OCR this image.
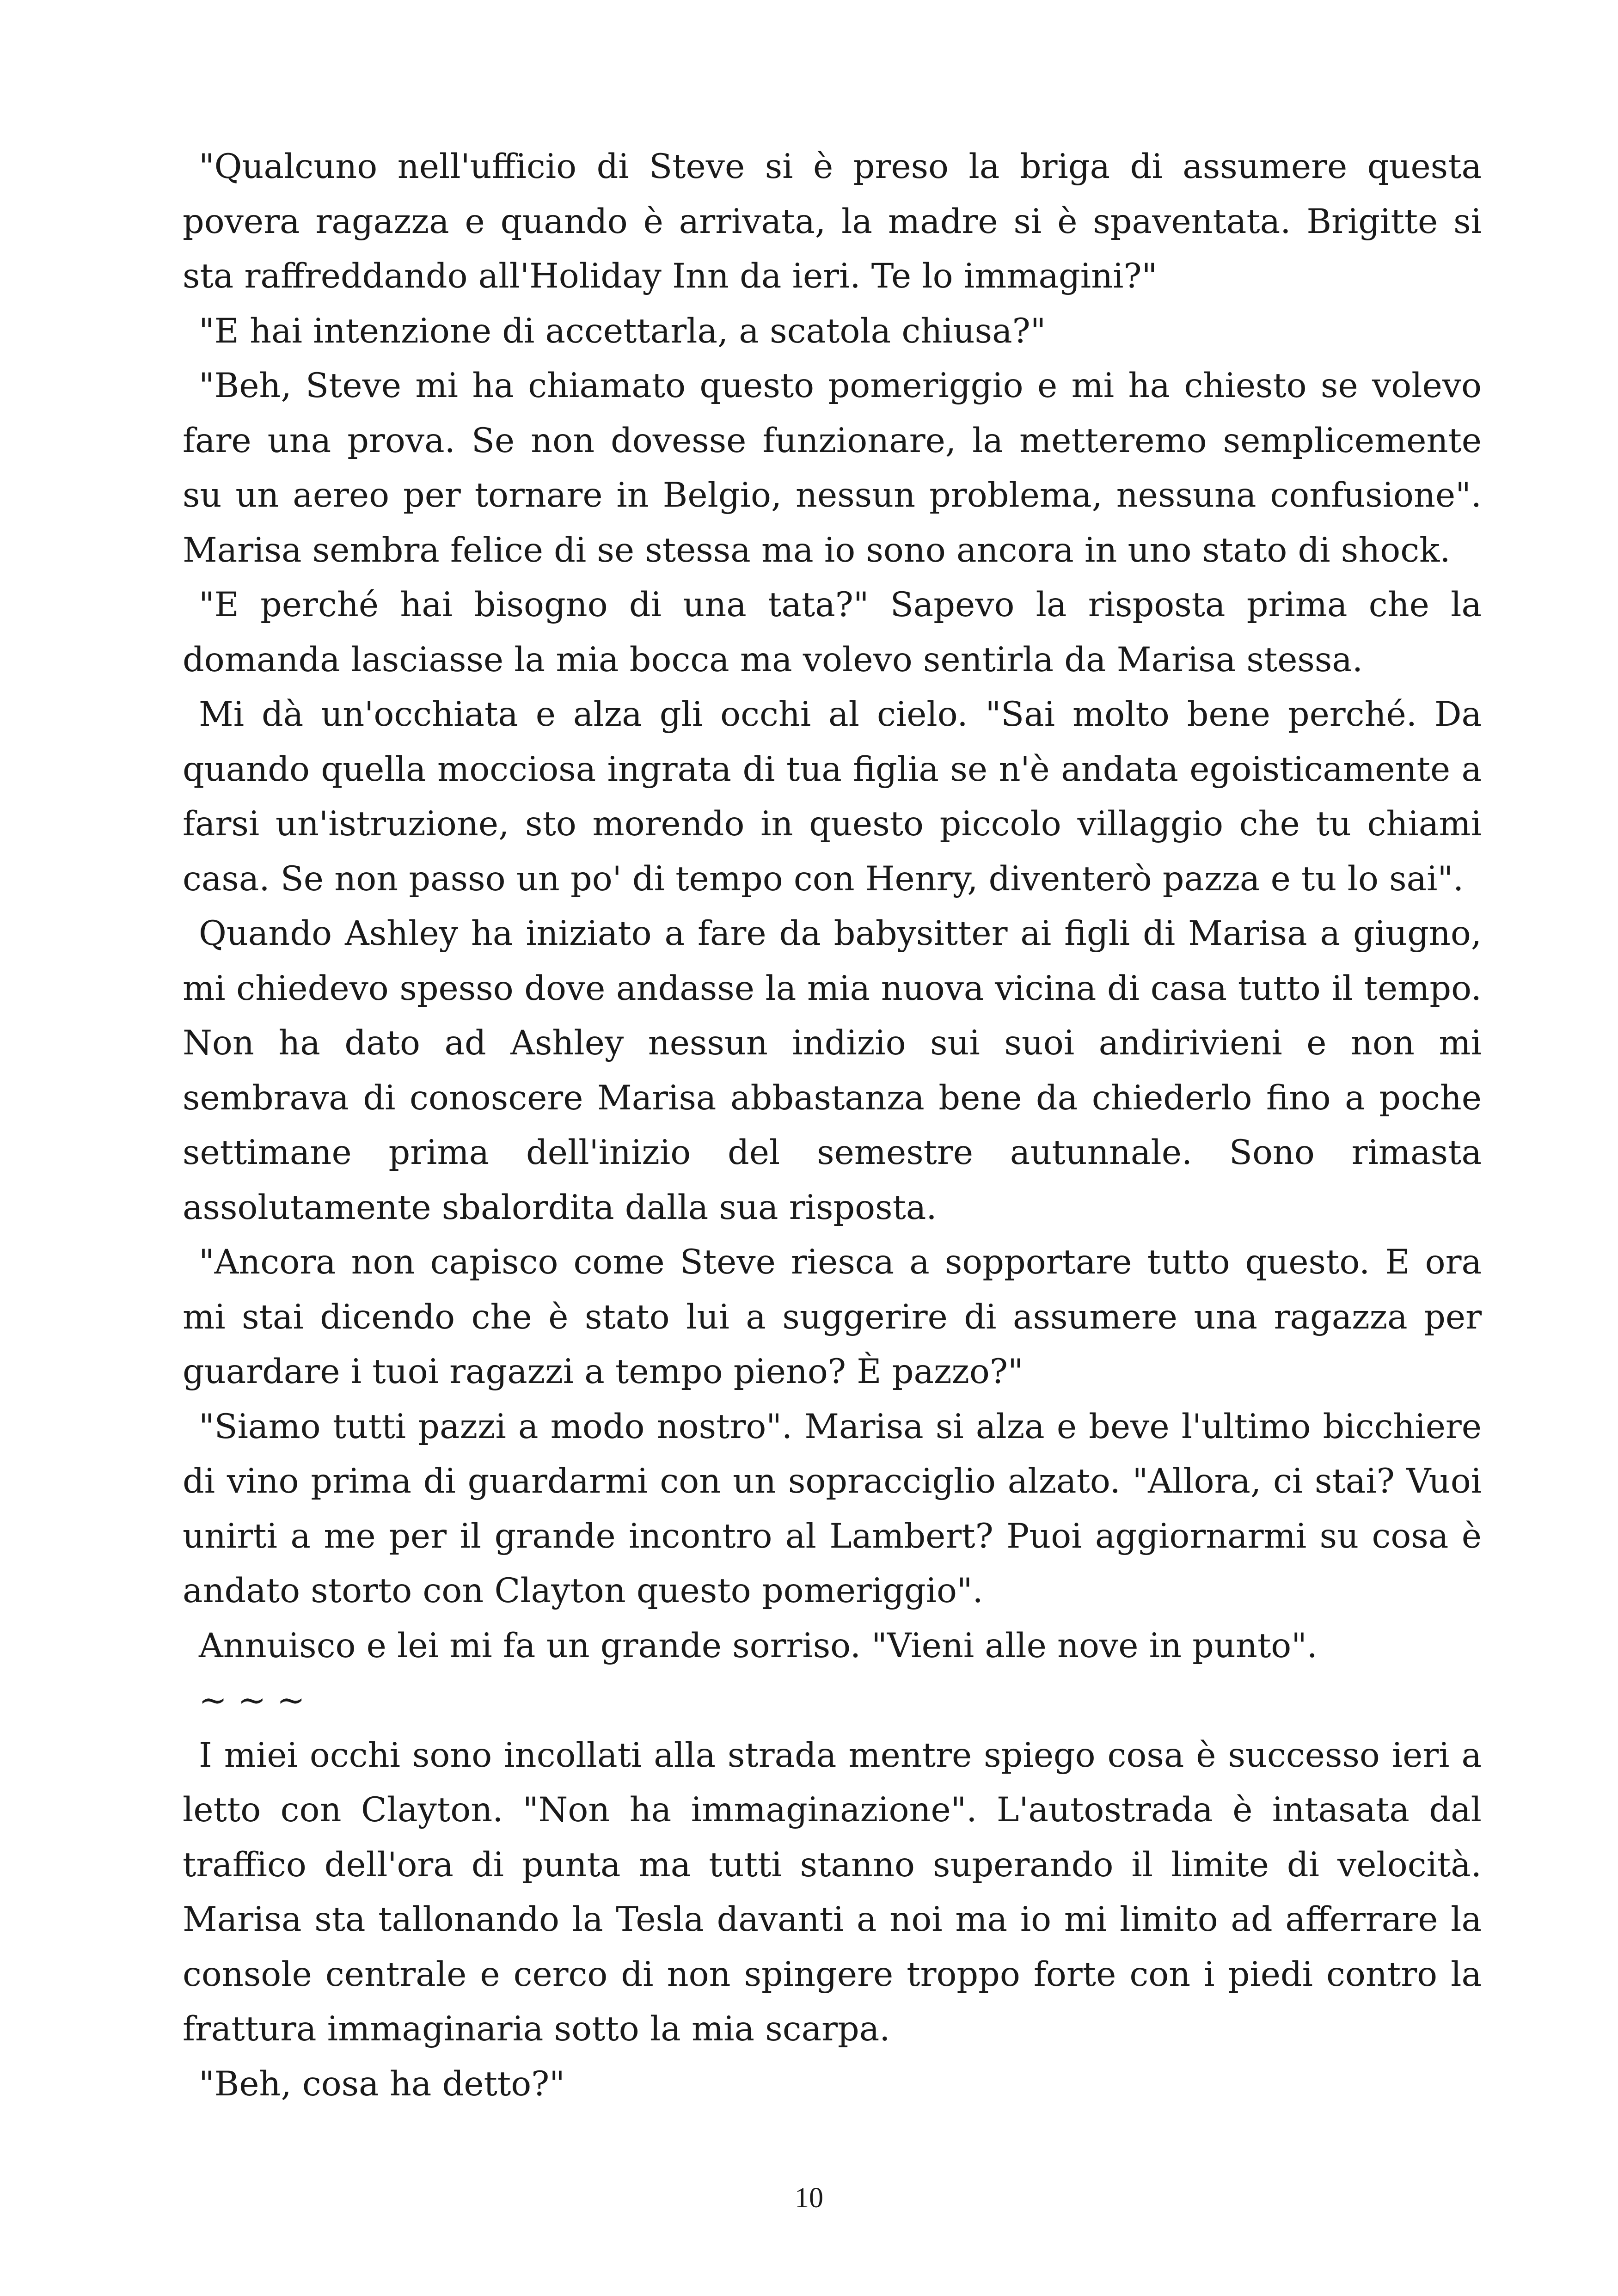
"Qualcuno nell'ufficio di Steve si è preso la briga di assumere questa povera ragazza e quando è arrivata, la madre si è spaventata. Brigitte si sta raffreddando all'Holiday Inn da ieri. Te lo immagini?"

"E hai intenzione di accettarla, a scatola chiusa?"

"Beh, Steve mi ha chiamato questo pomeriggio e mi ha chiesto se volevo fare una prova. Se non dovesse funzionare, la metteremo semplicemente su un aereo per tornare in Belgio, nessun problema, nessuna confusione". Marisa sembra felice di se stessa ma io sono ancora in uno stato di shock.

"E perché hai bisogno di una tata?" Sapevo la risposta prima che la domanda lasciasse la mia bocca ma volevo sentirla da Marisa stessa.

Mi dà un'occhiata e alza gli occhi al cielo. "Sai molto bene perché. Da quando quella mocciosa ingrata di tua figlia se n'è andata egoisticamente a farsi un'istruzione, sto morendo in questo piccolo villaggio che tu chiami casa. Se non passo un po' di tempo con Henry, diventerò pazza e tu lo sai".

Quando Ashley ha iniziato a fare da babysitter ai figli di Marisa a giugno, mi chiedevo spesso dove andasse la mia nuova vicina di casa tutto il tempo. Non ha dato ad Ashley nessun indizio sui suoi andirivieni e non mi sembrava di conoscere Marisa abbastanza bene da chiederlo fino a poche settimane prima dell'inizio del semestre autunnale. Sono rimasta assolutamente sbalordita dalla sua risposta.

"Ancora non capisco come Steve riesca a sopportare tutto questo. E ora mi stai dicendo che è stato lui a suggerire di assumere una ragazza per guardare i tuoi ragazzi a tempo pieno? È pazzo?"

"Siamo tutti pazzi a modo nostro". Marisa si alza e beve l'ultimo bicchiere di vino prima di guardarmi con un sopracciglio alzato. "Allora, ci stai? Vuoi unirti a me per il grande incontro al Lambert? Puoi aggiornarmi su cosa è andato storto con Clayton questo pomeriggio".

Annuisco e lei mi fa un grande sorriso. "Vieni alle nove in punto".

~ ~ ~

I miei occhi sono incollati alla strada mentre spiego cosa è successo ieri a letto con Clayton. "Non ha immaginazione". L'autostrada è intasata dal traffico dell'ora di punta ma tutti stanno superando il limite di velocità. Marisa sta tallonando la Tesla davanti a noi ma io mi limito ad afferrare la console centrale e cerco di non spingere troppo forte con i piedi contro la frattura immaginaria sotto la mia scarpa.

"Beh, cosa ha detto?"

10
